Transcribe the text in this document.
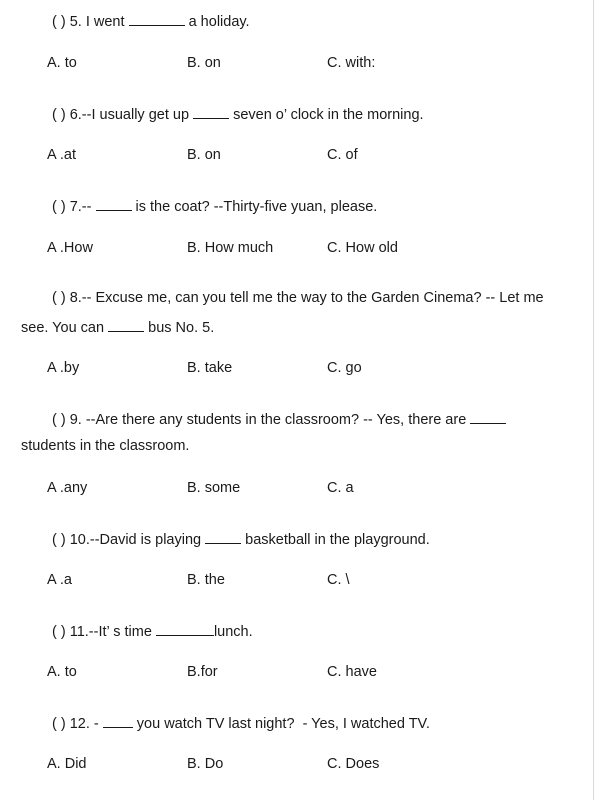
( ) 5. I went	a holiday.
A. to	B. on	C. with:
( ) 6.--I usually get up	seven o’ clock in the morning.
A .at	B. on	C. of
( ) 7.--	is the coat? --Thirty-five yuan, please.
A .How	B. How much	C. How old
( ) 8.-- Excuse me, can you tell me the way to the Garden Cinema? -- Let me
see. You can	bus No. 5.
A .by	B. take	C. go
( ) 9. --Are there any students in the classroom? -- Yes, there are
students in the classroom.
A .any	B. some	C. a
( ) 10.--David is playing	basketball in the playground.
A .a	B. the	C. \
( ) 11.--It’ s time	lunch.
A. to	B.for	C. have
( ) 12. -	you watch TV last night?  - Yes, I watched TV.
A. Did	B. Do	C. Does
